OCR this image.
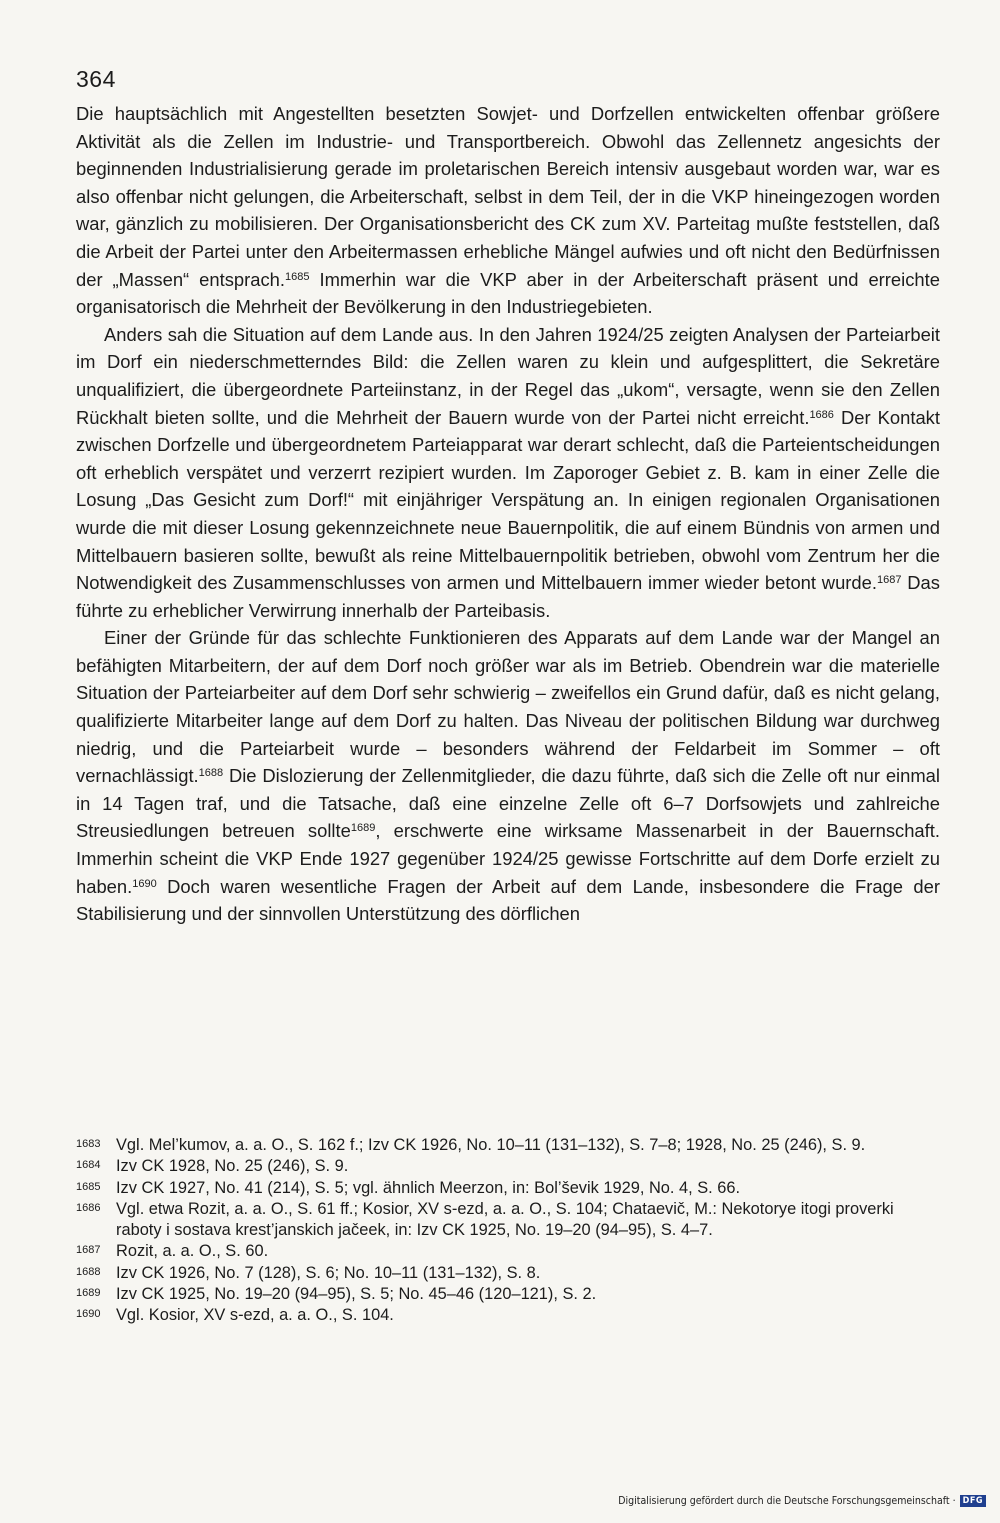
364

Die hauptsächlich mit Angestellten besetzten Sowjet- und Dorfzellen entwickelten offenbar größere Aktivität als die Zellen im Industrie- und Transportbereich. Obwohl das Zellennetz angesichts der beginnenden Industrialisierung gerade im proletarischen Bereich intensiv ausgebaut worden war, war es also offenbar nicht gelungen, die Arbeiterschaft, selbst in dem Teil, der in die VKP hineingezogen worden war, gänzlich zu mobilisieren. Der Organisationsbericht des CK zum XV. Parteitag mußte feststellen, daß die Arbeit der Partei unter den Arbeitermassen erhebliche Mängel aufwies und oft nicht den Bedürfnissen der „Massen“ entsprach.$^{1685}$ Immerhin war die VKP aber in der Arbeiterschaft präsent und erreichte organisatorisch die Mehrheit der Bevölkerung in den Industriegebieten.

Anders sah die Situation auf dem Lande aus. In den Jahren 1924/25 zeigten Analysen der Parteiarbeit im Dorf ein niederschmetterndes Bild: die Zellen waren zu klein und aufgesplittert, die Sekretäre unqualifiziert, die übergeordnete Parteiinstanz, in der Regel das „ukom“, versagte, wenn sie den Zellen Rückhalt bieten sollte, und die Mehrheit der Bauern wurde von der Partei nicht erreicht.$^{1686}$ Der Kontakt zwischen Dorfzelle und übergeordnetem Parteiapparat war derart schlecht, daß die Parteientscheidungen oft erheblich verspätet und verzerrt rezipiert wurden. Im Zaporoger Gebiet z. B. kam in einer Zelle die Losung „Das Gesicht zum Dorf!“ mit einjähriger Verspätung an. In einigen regionalen Organisationen wurde die mit dieser Losung gekennzeichnete neue Bauernpolitik, die auf einem Bündnis von armen und Mittelbauern basieren sollte, bewußt als reine Mittelbauernpolitik betrieben, obwohl vom Zentrum her die Notwendigkeit des Zusammenschlusses von armen und Mittelbauern immer wieder betont wurde.$^{1687}$ Das führte zu erheblicher Verwirrung innerhalb der Parteibasis.

Einer der Gründe für das schlechte Funktionieren des Apparats auf dem Lande war der Mangel an befähigten Mitarbeitern, der auf dem Dorf noch größer war als im Betrieb. Obendrein war die materielle Situation der Parteiarbeiter auf dem Dorf sehr schwierig – zweifellos ein Grund dafür, daß es nicht gelang, qualifizierte Mitarbeiter lange auf dem Dorf zu halten. Das Niveau der politischen Bildung war durchweg niedrig, und die Parteiarbeit wurde – besonders während der Feldarbeit im Sommer – oft vernachlässigt.$^{1688}$ Die Dislozierung der Zellenmitglieder, die dazu führte, daß sich die Zelle oft nur einmal in 14 Tagen traf, und die Tatsache, daß eine einzelne Zelle oft 6–7 Dorfsowjets und zahlreiche Streusiedlungen betreuen sollte$^{1689}$, erschwerte eine wirksame Massenarbeit in der Bauernschaft. Immerhin scheint die VKP Ende 1927 gegenüber 1924/25 gewisse Fortschritte auf dem Dorfe erzielt zu haben.$^{1690}$ Doch waren wesentliche Fragen der Arbeit auf dem Lande, insbesondere die Frage der Stabilisierung und der sinnvollen Unterstützung des dörflichen

1683 Vgl. Mel’kumov, a. a. O., S. 162 f.; Izv CK 1926, No. 10–11 (131–132), S. 7–8; 1928, No. 25 (246), S. 9.
1684 Izv CK 1928, No. 25 (246), S. 9.
1685 Izv CK 1927, No. 41 (214), S. 5; vgl. ähnlich Meerzon, in: Bol’ševik 1929, No. 4, S. 66.
1686 Vgl. etwa Rozit, a. a. O., S. 61 ff.; Kosior, XV s-ezd, a. a. O., S. 104; Chataevič, M.: Nekotorye itogi proverki raboty i sostava krest’janskich jačeek, in: Izv CK 1925, No. 19–20 (94–95), S. 4–7.
1687 Rozit, a. a. O., S. 60.
1688 Izv CK 1926, No. 7 (128), S. 6; No. 10–11 (131–132), S. 8.
1689 Izv CK 1925, No. 19–20 (94–95), S. 5; No. 45–46 (120–121), S. 2.
1690 Vgl. Kosior, XV s-ezd, a. a. O., S. 104.
Digitalisierung gefördert durch die Deutsche Forschungsgemeinschaft · DFG
